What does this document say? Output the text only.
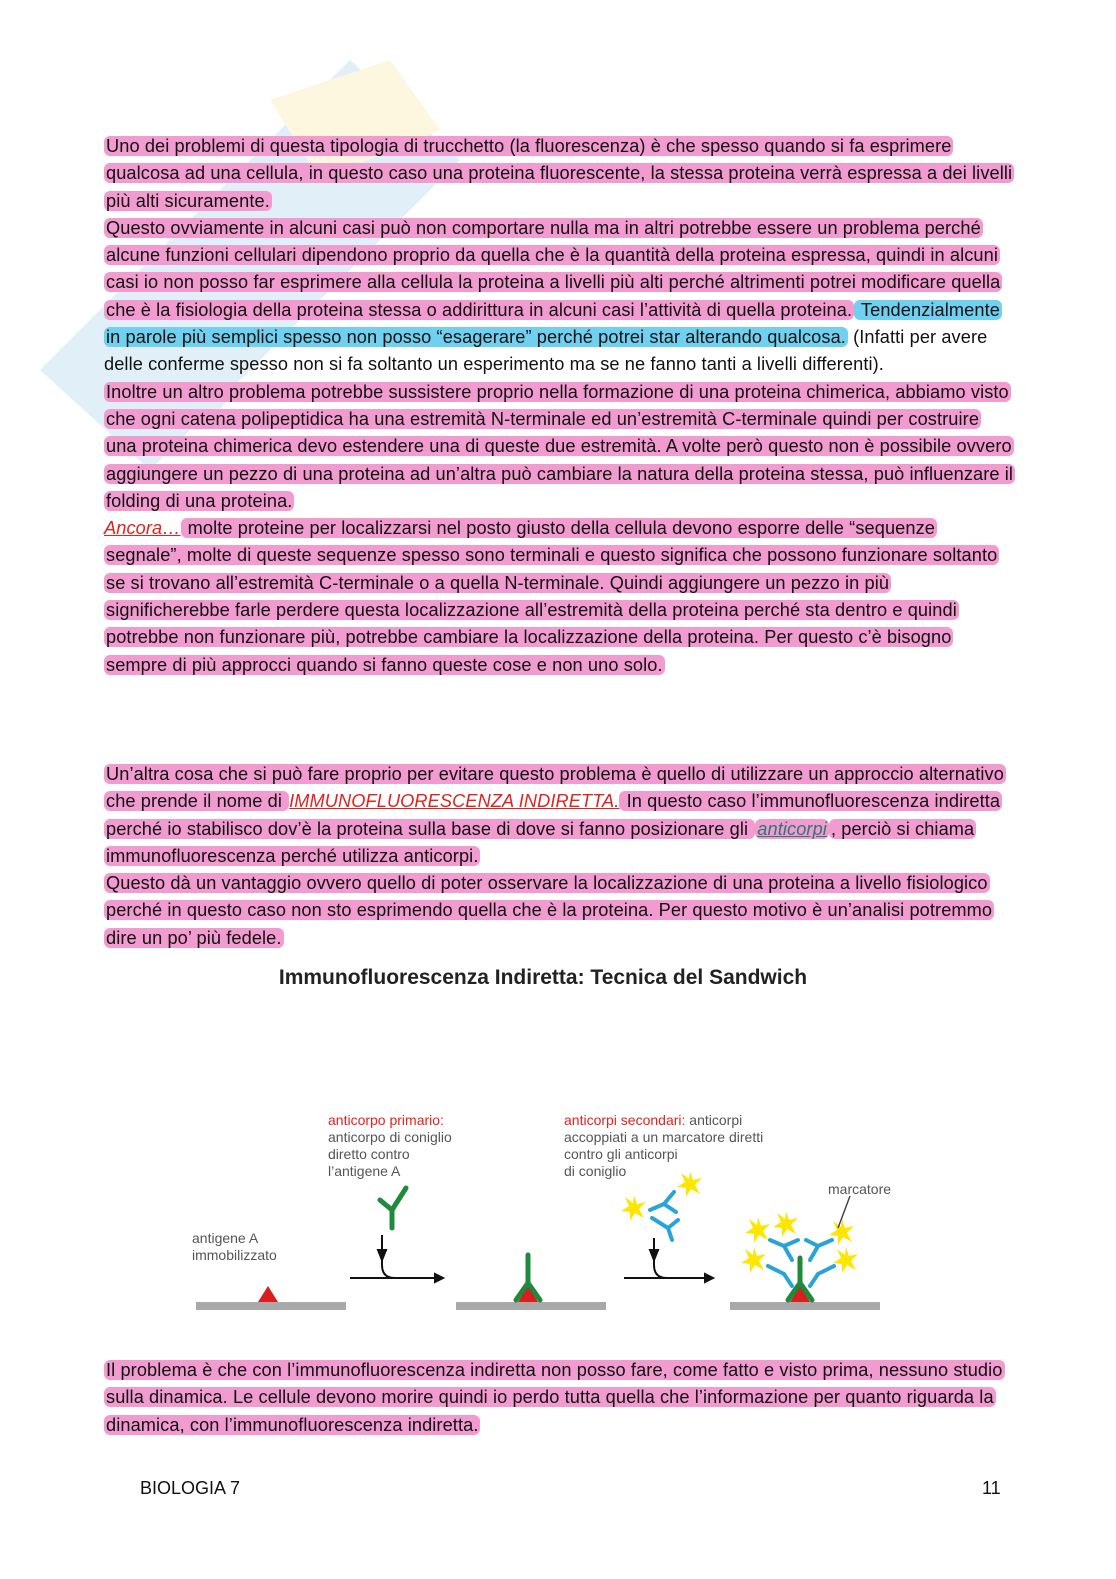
Uno dei problemi di questa tipologia di trucchetto (la fluorescenza) è che spesso quando si fa esprimere qualcosa ad una cellula, in questo caso una proteina fluorescente, la stessa proteina verrà espressa a dei livelli più alti sicuramente.

Questo ovviamente in alcuni casi può non comportare nulla ma in altri potrebbe essere un problema perché alcune funzioni cellulari dipendono proprio da quella che è la quantità della proteina espressa, quindi in alcuni casi io non posso far esprimere alla cellula la proteina a livelli più alti perché altrimenti potrei modificare quella che è la fisiologia della proteina stessa o addirittura in alcuni casi l’attività di quella proteina. Tendenzialmente in parole più semplici spesso non posso “esagerare” perché potrei star alterando qualcosa. (Infatti per avere delle conferme spesso non si fa soltanto un esperimento ma se ne fanno tanti a livelli differenti).

Inoltre un altro problema potrebbe sussistere proprio nella formazione di una proteina chimerica, abbiamo visto che ogni catena polipeptidica ha una estremità N-terminale ed un’estremità C-terminale quindi per costruire una proteina chimerica devo estendere una di queste due estremità. A volte però questo non è possibile ovvero aggiungere un pezzo di una proteina ad un’altra può cambiare la natura della proteina stessa, può influenzare il folding di una proteina.

Ancora… molte proteine per localizzarsi nel posto giusto della cellula devono esporre delle “sequenze segnale”, molte di queste sequenze spesso sono terminali e questo significa che possono funzionare soltanto se si trovano all’estremità C-terminale o a quella N-terminale. Quindi aggiungere un pezzo in più significherebbe farle perdere questa localizzazione all’estremità della proteina perché sta dentro e quindi potrebbe non funzionare più, potrebbe cambiare la localizzazione della proteina. Per questo c’è bisogno sempre di più approcci quando si fanno queste cose e non uno solo.

Un’altra cosa che si può fare proprio per evitare questo problema è quello di utilizzare un approccio alternativo che prende il nome di IMMUNOFLUORESCENZA INDIRETTA. In questo caso l’immunofluorescenza indiretta perché io stabilisco dov’è la proteina sulla base di dove si fanno posizionare gli anticorpi , perciò si chiama immunofluorescenza perché utilizza anticorpi.

Questo dà un vantaggio ovvero quello di poter osservare la localizzazione di una proteina a livello fisiologico perché in questo caso non sto esprimendo quella che è la proteina. Per questo motivo è un’analisi potremmo dire un po’ più fedele.

Immunofluorescenza Indiretta: Tecnica del Sandwich
anticorpo primario:
anticorpo di coniglio
diretto contro
l’antigene A
anticorpi secondari: anticorpi
accoppiati a un marcatore diretti
contro gli anticorpi
di coniglio
antigene A
immobilizzato
marcatore

Il problema è che con l’immunofluorescenza indiretta non posso fare, come fatto e visto prima, nessuno studio sulla dinamica. Le cellule devono morire quindi io perdo tutta quella che l’informazione per quanto riguarda la dinamica, con l’immunofluorescenza indiretta.

BIOLOGIA 7	11
